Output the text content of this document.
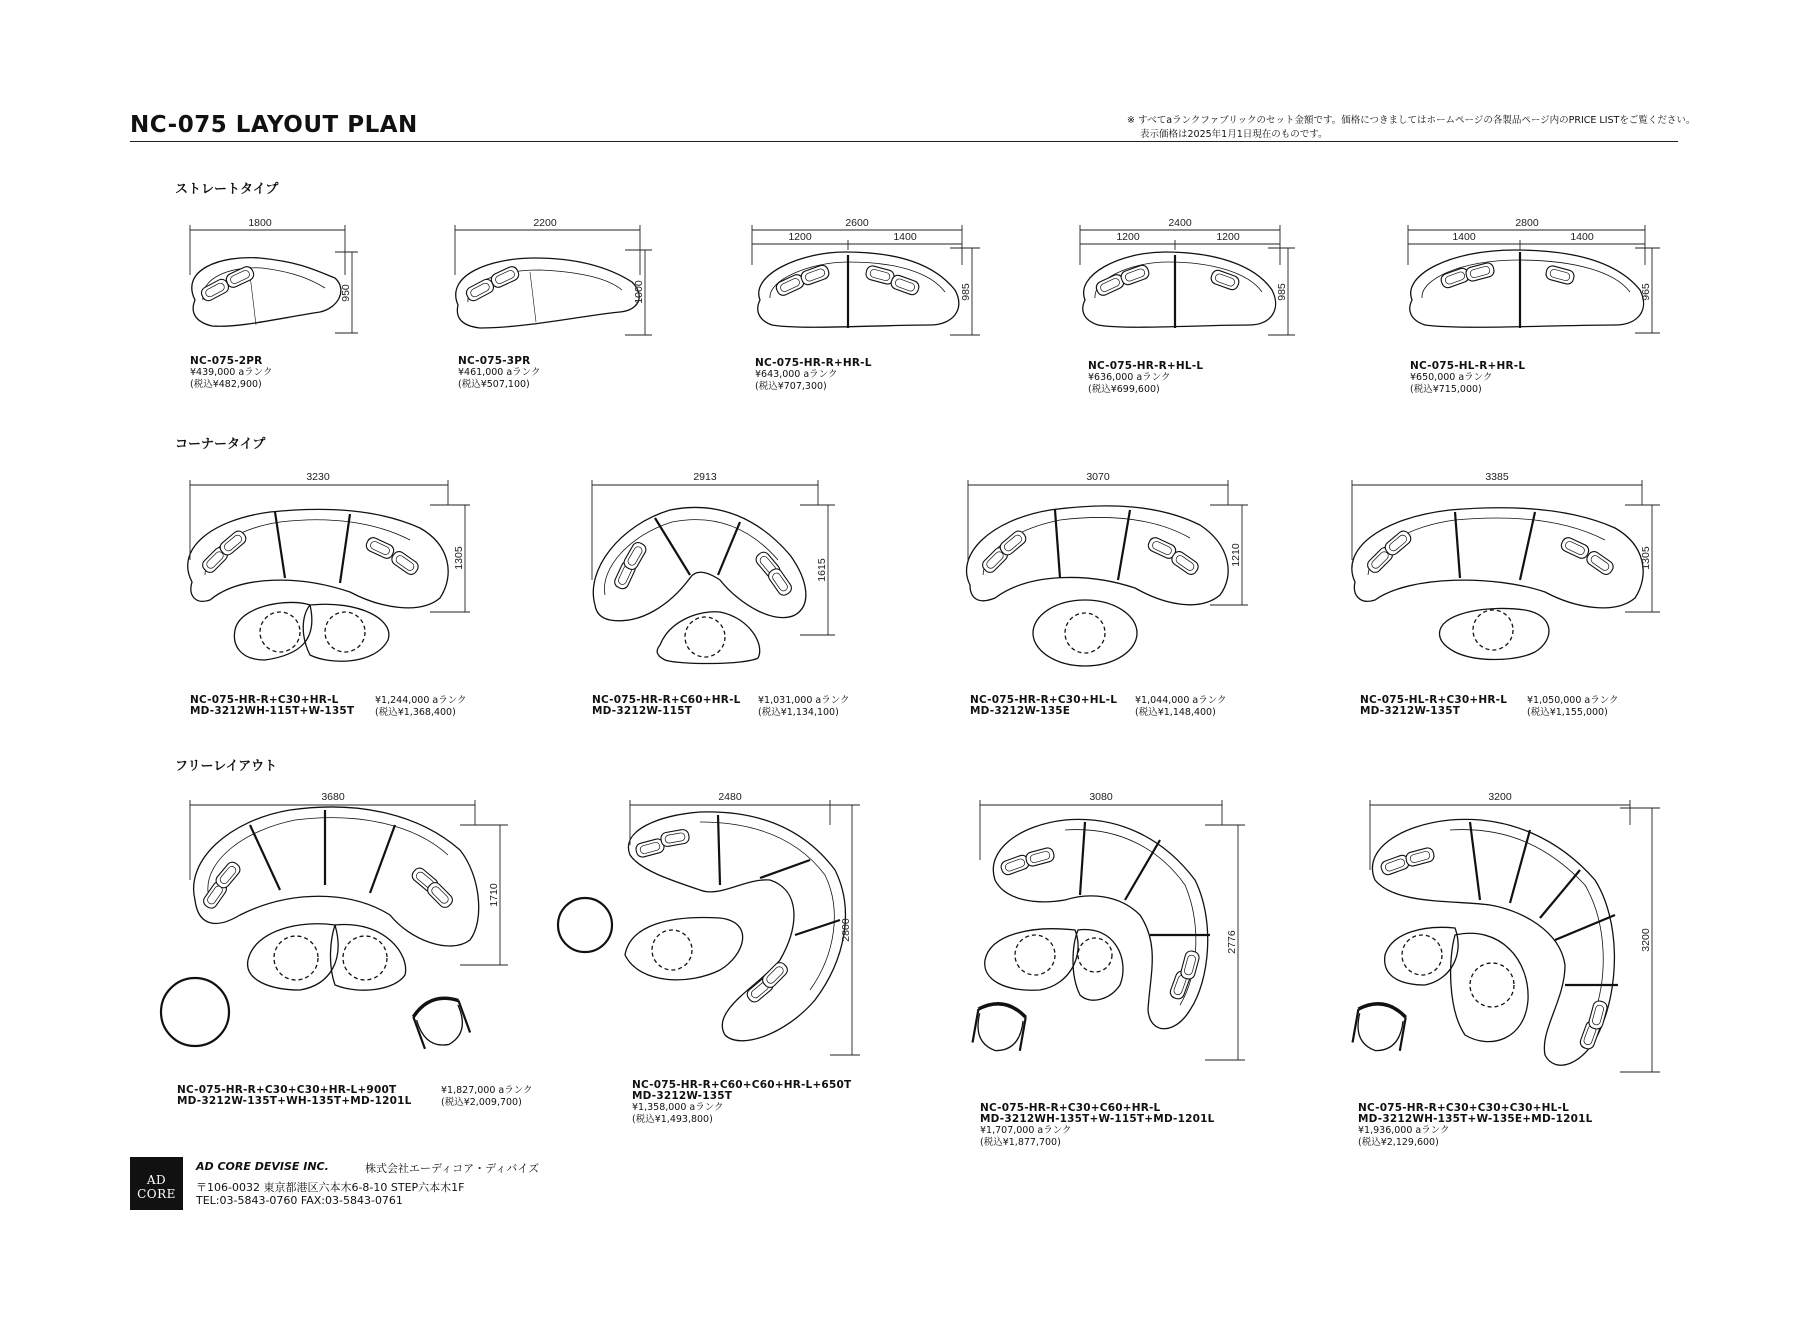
NC-075 LAYOUT PLAN	※ すべてaランクファブリックのセット金額です。価格につきましてはホームページの各製品ページ内のPRICE LISTをご覧ください。
表示価格は2025年1月1日現在のものです。
ストレートタイプ
コーナータイプ
フリーレイアウト
1800
950
2200
1000
2600
1200	1400
985
2400
1200	1200
985
2800
1400	1400
965
3230
1305
2913
1615
3070
1210
3385
1305
3680
1710
2480
2800
3080
2776
3200
3200
NC-075-2PR
¥439,000 aランク
(税込¥482,900)
NC-075-3PR
¥461,000 aランク
(税込¥507,100)
NC-075-HR-R+HR-L
¥643,000 aランク
(税込¥707,300)
NC-075-HR-R+HL-L
¥636,000 aランク
(税込¥699,600)
NC-075-HL-R+HR-L
¥650,000 aランク
(税込¥715,000)
NC-075-HR-R+C30+HR-L
MD-3212WH-115T+W-135T
¥1,244,000 aランク
(税込¥1,368,400)
NC-075-HR-R+C60+HR-L
MD-3212W-115T
¥1,031,000 aランク
(税込¥1,134,100)
NC-075-HR-R+C30+HL-L
MD-3212W-135E
¥1,044,000 aランク
(税込¥1,148,400)
NC-075-HL-R+C30+HR-L
MD-3212W-135T
¥1,050,000 aランク
(税込¥1,155,000)
NC-075-HR-R+C30+C30+HR-L+900T
MD-3212W-135T+WH-135T+MD-1201L
¥1,827,000 aランク
(税込¥2,009,700)
NC-075-HR-R+C60+C60+HR-L+650T
MD-3212W-135T
¥1,358,000 aランク
(税込¥1,493,800)
NC-075-HR-R+C30+C60+HR-L
MD-3212WH-135T+W-115T+MD-1201L
¥1,707,000 aランク
(税込¥1,877,700)
NC-075-HR-R+C30+C30+C30+HL-L
MD-3212WH-135T+W-135E+MD-1201L
¥1,936,000 aランク
(税込¥2,129,600)
AD CORE
AD CORE DEVISE INC.	株式会社エーディコア・ディバイズ
〒106-0032 東京都港区六本木6-8-10 STEP六本木1F
TEL:03-5843-0760 FAX:03-5843-0761
